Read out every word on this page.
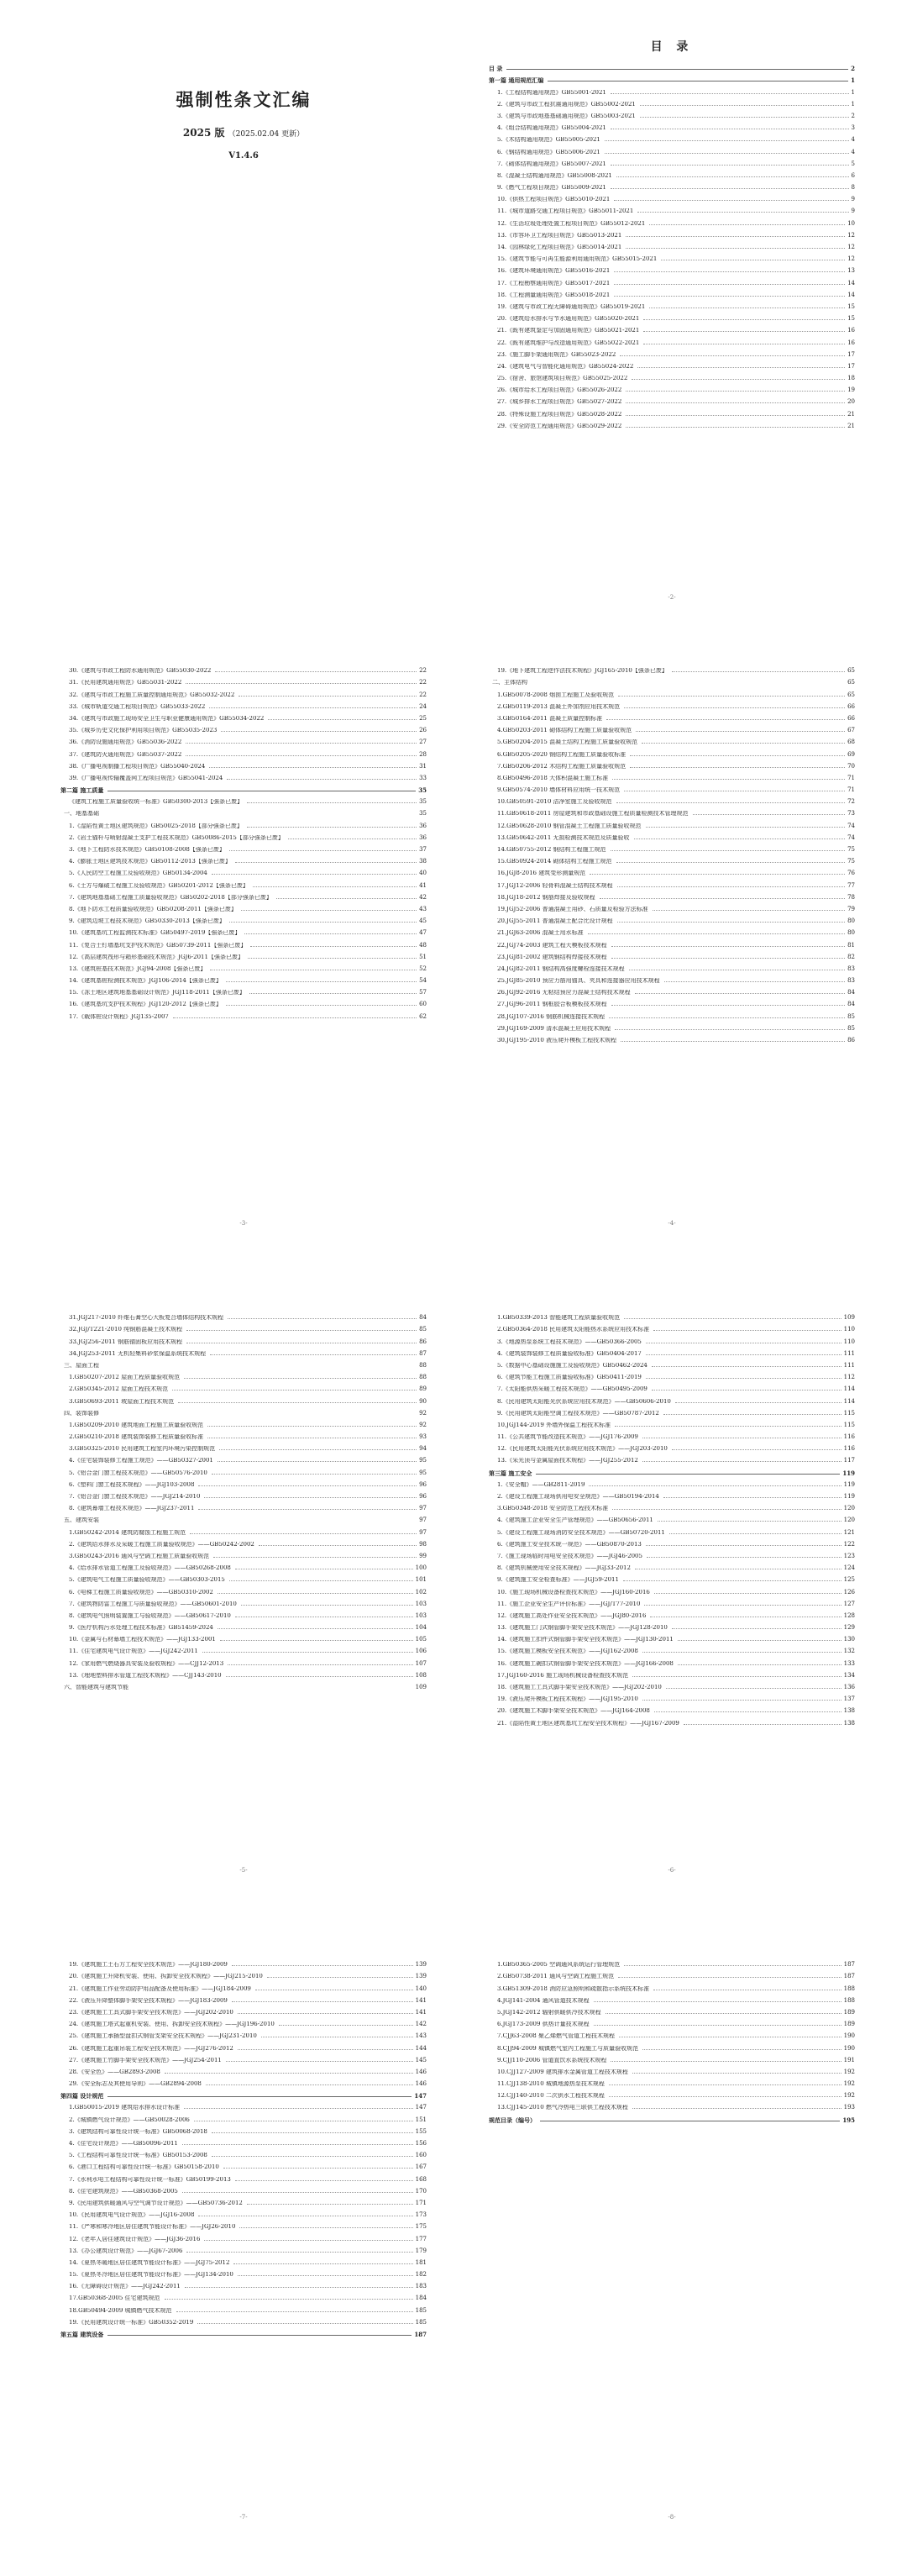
强制性条文汇编
2025 版 （2025.02.04 更新）
V1.4.6
目 录
目 录	2
第一篇 通用规范汇编	1
1.《工程结构通用规范》GB55001-2021	1
2.《建筑与市政工程抗震通用规范》GB55002-2021	1
3.《建筑与市政地基基础通用规范》GB55003-2021	2
4.《组合结构通用规范》GB55004-2021	3
5.《木结构通用规范》GB55005-2021	4
6.《钢结构通用规范》GB55006-2021	4
7.《砌体结构通用规范》GB55007-2021	5
8.《混凝土结构通用规范》GB55008-2021	6
9.《燃气工程项目规范》GB55009-2021	8
10.《供热工程项目规范》GB55010-2021	9
11.《城市道路交通工程项目规范》GB55011-2021	9
12.《生活垃圾处理处置工程项目规范》GB55012-2021	10
13.《市容环卫工程项目规范》GB55013-2021	12
14.《园林绿化工程项目规范》GB55014-2021	12
15.《建筑节能与可再生能源利用通用规范》GB55015-2021	12
16.《建筑环境通用规范》GB55016-2021	13
17.《工程勘察通用规范》GB55017-2021	14
18.《工程测量通用规范》GB55018-2021	14
19.《建筑与市政工程无障碍通用规范》GB55019-2021	15
20.《建筑给水排水与节水通用规范》GB55020-2021	15
21.《既有建筑鉴定与加固通用规范》GB55021-2021	16
22.《既有建筑维护与改造通用规范》GB55022-2021	16
23.《施工脚手架通用规范》GB55023-2022	17
24.《建筑电气与智能化通用规范》GB55024-2022	17
25.《宿舍、旅馆建筑项目规范》GB55025-2022	18
26.《城市给水工程项目规范》GB55026-2022	19
27.《城乡排水工程项目规范》GB55027-2022	20
28.《特殊设施工程项目规范》GB55028-2022	21
29.《安全防范工程通用规范》GB55029-2022	21
-2-
30.《建筑与市政工程防水通用规范》GB55030-2022	22
31.《民用建筑通用规范》GB55031-2022	22
32.《建筑与市政工程施工质量控制通用规范》GB55032-2022	22
33.《城市轨道交通工程项目规范》GB55033-2022	24
34.《建筑与市政施工现场安全卫生与职业健康通用规范》GB55034-2022	25
35.《城乡历史文化保护利用项目规范》GB55035-2023	26
36.《消防设施通用规范》GB55036-2022	27
37.《建筑防火通用规范》GB55037-2022	28
38.《广播电视制播工程项目规范》GB55040-2024	31
39.《广播电视传输覆盖网工程项目规范》GB55041-2024	33
第二篇 施工质量	35
《建筑工程施工质量验收统一标准》GB50300-2013【强条已废】	35
一、地基基础	35
1.《湿陷性黄土地区建筑规范》GB50025-2018【部分强条已废】	36
2.《岩土锚杆与喷射混凝土支护工程技术规范》GB50086-2015【部分强条已废】	36
3.《地下工程防水技术规范》GB50108-2008【强条已废】	37
4.《膨胀土地区建筑技术规范》GB50112-2013【强条已废】	38
5.《人民防空工程施工及验收规范》GB50134-2004	40
6.《土方与爆破工程施工及验收规范》GB50201-2012【强条已废】	41
7.《建筑地基基础工程施工质量验收规范》GB50202-2018【部分强条已废】	42
8.《地下防水工程质量验收规范》GB50208-2011【强条已废】	43
9.《建筑边坡工程技术规范》GB50330-2013【强条已废】	45
10.《建筑基坑工程监测技术标准》GB50497-2019【强条已废】	47
11.《复合土钉墙基坑支护技术规范》GB50739-2011【强条已废】	48
12.《高层建筑筏形与箱形基础技术规范》JGJ6-2011【强条已废】	51
13.《建筑桩基技术规范》JGJ94-2008【强条已废】	52
14.《建筑基桩检测技术规范》JGJ106-2014【强条已废】	54
15.《冻土地区建筑地基基础设计规范》JGJ118-2011【强条已废】	57
16.《建筑基坑支护技术规程》JGJ120-2012【强条已废】	60
17.《载体桩设计规程》JGJ135-2007	62
-3-
19.《地下建筑工程逆作法技术规程》JGJ165-2010【强条已废】	65
二、主体结构	65
1.GB50078-2008 烟囱工程施工及验收规范	65
2.GB50119-2013 混凝土外加剂应用技术规范	66
3.GB50164-2011 混凝土质量控制标准	66
4.GB50203-2011 砌体结构工程施工质量验收规范	67
5.GB50204-2015 混凝土结构工程施工质量验收规范	68
6.GB50205-2020 钢结构工程施工质量验收标准	69
7.GB50206-2012 木结构工程施工质量验收规范	70
8.GB50496-2018 大体积混凝土施工标准	71
9.GB50574-2010 墙体材料应用统一技术规范	71
10.GB50591-2010 洁净室施工及验收规范	72
11.GB50618-2011 房屋建筑和市政基础设施工程质量检测技术管理规范	73
12.GB50628-2010 钢管混凝土工程施工质量验收规范	74
13.GB50642-2011 无损检测技术规范及质量验收	74
14.GB50755-2012 钢结构工程施工规范	75
15.GB50924-2014 砌体结构工程施工规范	75
16.JGJ8-2016 建筑变形测量规范	76
17.JGJ12-2006 轻骨料混凝土结构技术规程	77
18.JGJ18-2012 钢筋焊接及验收规程	78
19.JGJ52-2006 普通混凝土用砂、石质量及检验方法标准	79
20.JGJ55-2011 普通混凝土配合比设计规程	80
21.JGJ63-2006 混凝土用水标准	80
22.JGJ74-2003 建筑工程大模板技术规程	81
23.JGJ81-2002 建筑钢结构焊接技术规程	82
24.JGJ82-2011 钢结构高强度螺栓连接技术规程	83
25.JGJ85-2010 预应力筋用锚具、夹具和连接器应用技术规程	83
26.JGJ92-2016 无粘结预应力混凝土结构技术规程	84
27.JGJ96-2011 钢框胶合板模板技术规程	84
28.JGJ107-2016 钢筋机械连接技术规程	85
29.JGJ169-2009 清水混凝土应用技术规程	85
30.JGJ195-2010 液压爬升模板工程技术规程	86
-4-
31.JGJ217-2010 纤维石膏空心大板复合墙体结构技术规程	84
32.JGJ/T221-2010 纯钢筋混凝土技术规程	85
33.JGJ256-2011 钢筋锚固板应用技术规程	86
34.JGJ253-2011 无机轻集料砂浆保温系统技术规程	87
三、屋面工程	88
1.GB50207-2012 屋面工程质量验收规范	88
2.GB50345-2012 屋面工程技术规范	89
3.GB50693-2011 坡屋面工程技术规范	90
四、装饰装修	92
1.GB50209-2010 建筑地面工程施工质量验收规范	92
2.GB50210-2018 建筑装饰装修工程质量验收标准	93
3.GB50325-2010 民用建筑工程室内环境污染控制规范	94
4.《住宅装饰装修工程施工规范》——GB50327-2001	95
5.《铝合金门窗工程技术规范》——GB50576-2010	95
6.《塑料门窗工程技术规程》——JGJ103-2008	96
7.《铝合金门窗工程技术规范》——JGJ214-2010	96
8.《建筑幕墙工程技术规范》——JGJ237-2011	97
五、建筑安装	97
1.GB50242-2014 建筑防腐蚀工程施工规范	97
2.《建筑给水排水及采暖工程施工质量验收规范》——GB50242-2002	98
3.GB50243-2016 通风与空调工程施工质量验收规范	99
4.《给水排水管道工程施工及验收规范》——GB50268-2008	100
5.《建筑电气工程施工质量验收规范》——GB50303-2015	101
6.《电梯工程施工质量验收规范》——GB50310-2002	102
7.《建筑物防雷工程施工与质量验收规范》——GB50601-2010	103
8.《建筑电气照明装置施工与验收规范》——GB50617-2010	103
9.《医疗机构污水处理工程技术标准》GB51459-2024	104
10.《金属与石材幕墙工程技术规范》——JGJ133-2001	105
11.《住宅建筑电气设计规范》——JGJ242-2011	106
12.《家用燃气燃烧器具安装及验收规程》——CJJ12-2013	107
13.《埋地塑料排水管道工程技术规程》——CJJ143-2010	108
六、智能建筑与建筑节能	109
-5-
1.GB50339-2013 智能建筑工程质量验收规范	109
2.GB50364-2018 民用建筑太阳能热水系统应用技术标准	110
3.《地源热泵系统工程技术规范》——GB50366-2005	110
4.《建筑装饰装修工程质量验收标准》GB50404-2017	111
5.《数据中心基础设施施工及验收规范》GB50462-2024	111
6.《建筑节能工程施工质量验收标准》GB50411-2019	112
7.《太阳能供热采暖工程技术规范》——GB50495-2009	114
8.《民用建筑太阳能光伏系统应用技术规范》——GB50606-2010	114
9.《民用建筑太阳能空调工程技术规范》——GB50787-2012	115
10.JGJ144-2019 外墙外保温工程技术标准	115
11.《公共建筑节能改造技术规范》——JGJ176-2009	116
12.《民用建筑太阳能光伏系统应用技术规范》——JGJ203-2010	116
13.《采光顶与金属屋面技术规程》——JGJ255-2012	117
第三篇 施工安全	119
1.《安全帽》——GB2811-2019	119
2.《建设工程施工现场供用电安全规范》——GB50194-2014	119
3.GB50348-2018 安全防范工程技术标准	120
4.《建筑施工企业安全生产管理规范》——GB50656-2011	120
5.《建设工程施工现场消防安全技术规范》——GB50720-2011	121
6.《建筑施工安全技术统一规范》——GB50870-2013	122
7.《施工现场临时用电安全技术规范》——JGJ46-2005	123
8.《建筑机械使用安全技术规程》——JGJ33-2012	124
9.《建筑施工安全检查标准》——JGJ59-2011	125
10.《施工现场机械设备检查技术规范》——JGJ160-2016	126
11.《施工企业安全生产评价标准》——JGJ/T77-2010	127
12.《建筑施工高处作业安全技术规范》——JGJ80-2016	128
13.《建筑施工门式钢管脚手架安全技术规范》——JGJ128-2010	129
14.《建筑施工扣件式钢管脚手架安全技术规范》——JGJ130-2011	130
15.《建筑施工模板安全技术规范》——JGJ162-2008	132
16.《建筑施工碗扣式钢管脚手架安全技术规范》——JGJ166-2008	133
17.JGJ160-2016 施工现场机械设备检查技术规范	134
18.《建筑施工工具式脚手架安全技术规范》——JGJ202-2010	136
19.《液压爬升模板工程技术规程》——JGJ195-2010	137
20.《建筑施工木脚手架安全技术规范》——JGJ164-2008	138
21.《湿陷性黄土地区建筑基坑工程安全技术规程》——JGJ167-2009	138
-6-
19.《建筑施工土石方工程安全技术规范》——JGJ180-2009	139
20.《建筑施工升降机安装、使用、拆卸安全技术规程》——JGJ215-2010	139
21.《建筑施工作业劳动防护用品配备及使用标准》——JGJ184-2009	140
22.《液压升降整体脚手架安全技术规程》——JGJ183-2009	141
23.《建筑施工工具式脚手架安全技术规范》——JGJ202-2010	141
24.《建筑施工塔式起重机安装、使用、拆卸安全技术规程》——JGJ196-2010	142
25.《建筑施工承插型盘扣式钢管支架安全技术规程》——JGJ231-2010	143
26.《建筑施工起重吊装工程安全技术规范》——JGJ276-2012	144
27.《建筑施工竹脚手架安全技术规范》——JGJ254-2011	145
28.《安全色》——GB2893-2008	146
29.《安全标志及其使用导则》——GB2894-2008	146
第四篇 设计规范	147
1.GB50015-2019 建筑给水排水设计标准	147
2.《城镇燃气设计规范》——GB50028-2006	151
3.《建筑结构可靠性设计统一标准》GB50068-2018	155
4.《住宅设计规范》——GB50096-2011	156
5.《工程结构可靠性设计统一标准》GB50153-2008	160
6.《港口工程结构可靠性设计统一标准》GB50158-2010	167
7.《水利水电工程结构可靠性设计统一标准》GB50199-2013	168
8.《住宅建筑规范》——GB50368-2005	170
9.《民用建筑供暖通风与空气调节设计规范》——GB50736-2012	171
10.《民用建筑电气设计规范》——JGJ16-2008	173
11.《严寒和寒冷地区居住建筑节能设计标准》——JGJ26-2010	175
12.《老年人居住建筑设计规范》——JGJ36-2016	177
13.《办公建筑设计规范》——JGJ67-2006	179
14.《夏热冬暖地区居住建筑节能设计标准》——JGJ75-2012	181
15.《夏热冬冷地区居住建筑节能设计标准》——JGJ134-2010	182
16.《无障碍设计规范》——JGJ242-2011	183
17.GB50368-2005 住宅建筑规范	184
18.GB50494-2009 城镇燃气技术规范	185
19.《民用建筑设计统一标准》GB50352-2019	185
第五篇 建筑设备	187
-7-
1.GB50365-2005 空调通风系统运行管理规范	187
2.GB50738-2011 通风与空调工程施工规范	187
3.GB51309-2018 消防应急照明和疏散指示系统技术标准	188
4.JGJ141-2004 通风管道技术规程	188
5.JGJ142-2012 辐射供暖供冷技术规程	189
6.JGJ173-2009 供热计量技术规程	189
7.CJJ63-2008 聚乙烯燃气管道工程技术规程	190
8.CJJ94-2009 城镇燃气室内工程施工与质量验收规范	190
9.CJJ110-2006 管道直饮水系统技术规程	191
10.CJJ127-2009 建筑排水金属管道工程技术规程	192
11.CJJ138-2010 城镇地源热泵技术规程	192
12.CJJ140-2010 二次供水工程技术规程	192
13.CJJ145-2010 燃气冷热电三联供工程技术规程	193
规范目录（编号）	195
-8-
